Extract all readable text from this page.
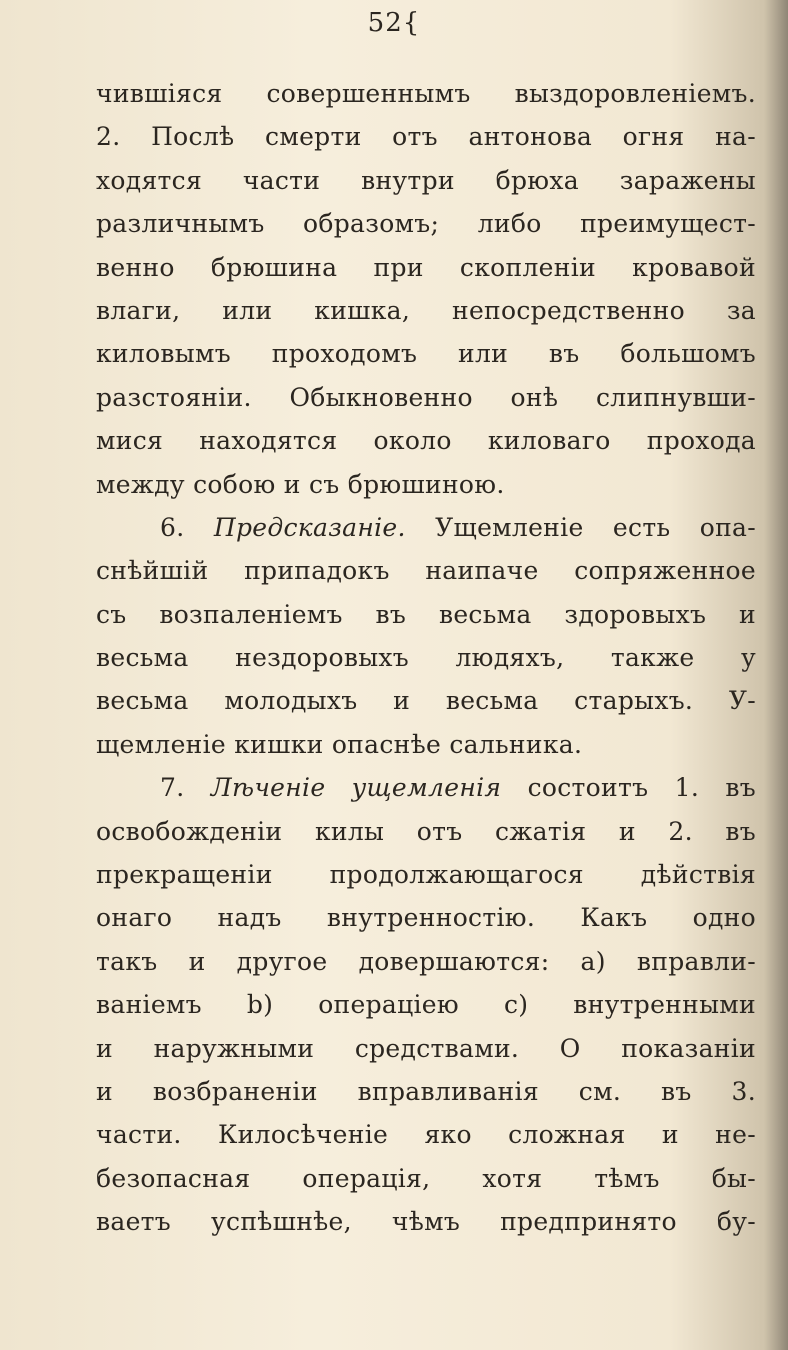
52{
чившіяся совершеннымъ выздоровленіемъ.
2. Послѣ смерти отъ антонова огня на-
ходятся части внутри брюха заражены
различнымъ образомъ; либо преимущест-
венно брюшина при скопленіи кровавой
влаги, или кишка, непосредственно за
киловымъ проходомъ или въ большомъ
разстояніи. Обыкновенно онѣ слипнувши-
мися находятся около киловаго прохода
между собою и съ брюшиною.
6. Предсказаніе. Ущемленіе есть опа-
снѣйшій припадокъ наипаче сопряженное
съ возпаленіемъ въ весьма здоровыхъ и
весьма нездоровыхъ людяхъ, также у
весьма молодыхъ и весьма старыхъ. У-
щемленіе кишки опаснѣе сальника.
7. Лѣченіе ущемленія состоитъ 1. въ
освобожденіи килы отъ сжатія и 2. въ
прекращеніи продолжающагося дѣйствія
онаго надъ внутренностію. Какъ одно
такъ и другое довершаются: a) вправли-
ваніемъ b) операціею c) внутренными
и наружными средствами. О показаніи
и возбраненіи вправливанія см. въ 3.
части. Килосѣченіе яко сложная и не-
безопасная операція, хотя тѣмъ бы-
ваетъ успѣшнѣе, чѣмъ предпринято бу-
